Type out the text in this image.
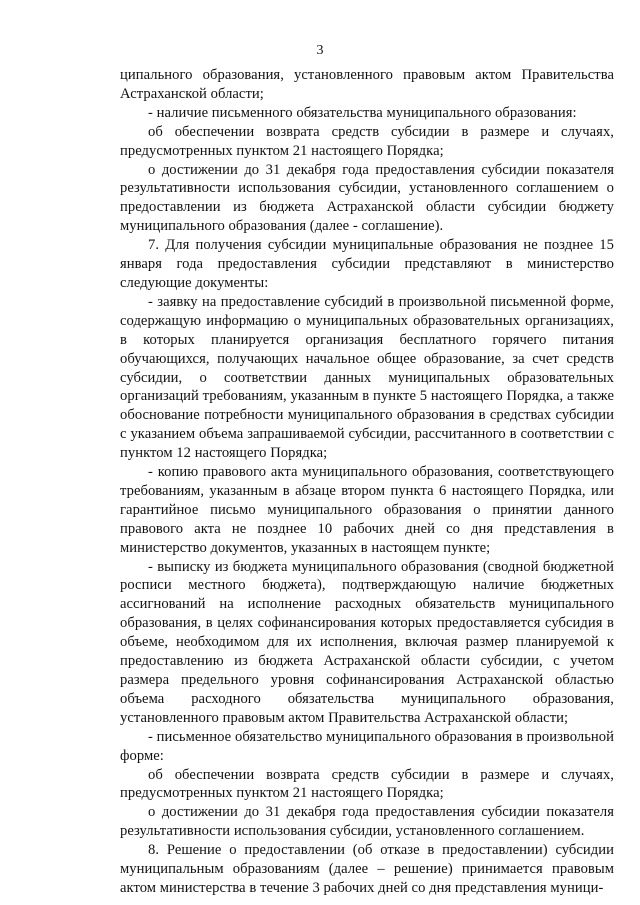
3

ципального образования, установленного правовым актом Правительства Астраханской области;

- наличие письменного обязательства муниципального образования:

об обеспечении возврата средств субсидии в размере и случаях, предусмотренных пунктом 21 настоящего Порядка;

о достижении до 31 декабря года предоставления субсидии показателя результативности использования субсидии, установленного соглашением о предоставлении из бюджета Астраханской области субсидии бюджету муниципального образования (далее - соглашение).

7. Для получения субсидии муниципальные образования не позднее 15 января года предоставления субсидии представляют в министерство следующие документы:

- заявку на предоставление субсидий в произвольной письменной форме, содержащую информацию о муниципальных образовательных организациях, в которых планируется организация бесплатного горячего питания обучающихся, получающих начальное общее образование, за счет средств субсидии, о соответствии данных муниципальных образовательных организаций требованиям, указанным в пункте 5 настоящего Порядка, а также обоснование потребности муниципального образования в средствах субсидии с указанием объема запрашиваемой субсидии, рассчитанного в соответствии с пунктом 12 настоящего Порядка;

- копию правового акта муниципального образования, соответствующего требованиям, указанным в абзаце втором пункта 6 настоящего Порядка, или гарантийное письмо муниципального образования о принятии данного правового акта не позднее 10 рабочих дней со дня представления в министерство документов, указанных в настоящем пункте;

- выписку из бюджета муниципального образования (сводной бюджетной росписи местного бюджета), подтверждающую наличие бюджетных ассигнований на исполнение расходных обязательств муниципального образования, в целях софинансирования которых предоставляется субсидия в объеме, необходимом для их исполнения, включая размер планируемой к предоставлению из бюджета Астраханской области субсидии, с учетом размера предельного уровня софинансирования Астраханской областью объема расходного обязательства муниципального образования, установленного правовым актом Правительства Астраханской области;

- письменное обязательство муниципального образования в произвольной форме:

об обеспечении возврата средств субсидии в размере и случаях, предусмотренных пунктом 21 настоящего Порядка;

о достижении до 31 декабря года предоставления субсидии показателя результативности использования субсидии, установленного соглашением.

8. Решение о предоставлении (об отказе в предоставлении) субсидии муниципальным образованиям (далее – решение) принимается правовым актом министерства в течение 3 рабочих дней со дня представления муници-
